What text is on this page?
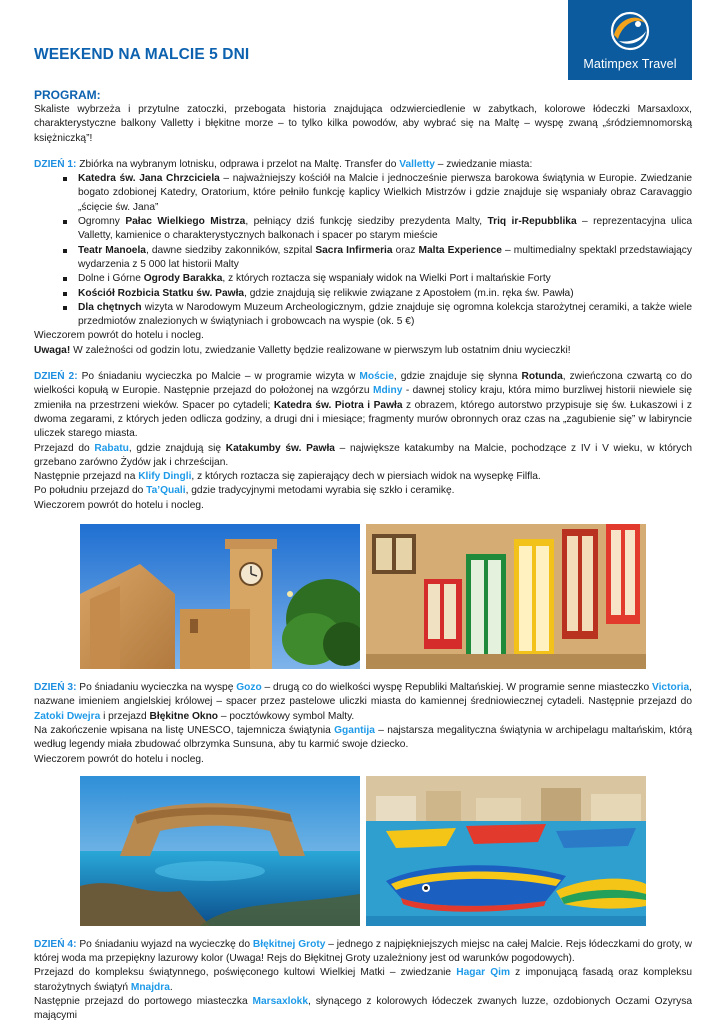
WEEKEND NA MALCIE 5 DNI
Matimpex Travel
PROGRAM:

Skaliste wybrzeża i przytulne zatoczki, przebogata historia znajdująca odzwierciedlenie w zabytkach, kolorowe łódeczki Marsaxloxx, charakterystyczne balkony Valletty i błękitne morze – to tylko kilka powodów, aby wybrać się na Maltę – wyspę zwaną „śródziemnomorską księżniczką”!

DZIEŃ 1: Zbiórka na wybranym lotnisku, odprawa i przelot na Maltę. Transfer do Valletty – zwiedzanie miasta:

Katedra św. Jana Chrzciciela – najważniejszy kościół na Malcie i jednocześnie pierwsza barokowa świątynia w Europie. Zwiedzanie bogato zdobionej Katedry, Oratorium, które pełniło funkcję kaplicy Wielkich Mistrzów i gdzie znajduje się wspaniały obraz Caravaggio „ścięcie św. Jana”
Ogromny Pałac Wielkiego Mistrza, pełniący dziś funkcję siedziby prezydenta Malty, Triq ir-Repubblika – reprezentacyjna ulica Valletty, kamienice o charakterystycznych balkonach i spacer po starym mieście
Teatr Manoela, dawne siedziby zakonników, szpital Sacra Infirmeria oraz Malta Experience – multimedialny spektakl przedstawiający wydarzenia z 5 000 lat historii Malty
Dolne i Górne Ogrody Barakka, z których roztacza się wspaniały widok na Wielki Port i maltańskie Forty
Kościół Rozbicia Statku św. Pawła, gdzie znajdują się relikwie związane z Apostołem (m.in. ręka św. Pawła)
Dla chętnych wizyta w Narodowym Muzeum Archeologicznym, gdzie znajduje się ogromna kolekcja starożytnej ceramiki, a także wiele przedmiotów znalezionych w świątyniach i grobowcach na wyspie (ok. 5 €)

Wieczorem powrót do hotelu i nocleg.

Uwaga! W zależności od godzin lotu, zwiedzanie Valletty będzie realizowane w pierwszym lub ostatnim dniu wycieczki!

DZIEŃ 2: Po śniadaniu wycieczka po Malcie – w programie wizyta w Moście, gdzie znajduje się słynna Rotunda, zwieńczona czwartą co do wielkości kopułą w Europie. Następnie przejazd do położonej na wzgórzu Mdiny - dawnej stolicy kraju, która mimo burzliwej historii niewiele się zmieniła na przestrzeni wieków. Spacer po cytadeli; Katedra św. Piotra i Pawła z obrazem, którego autorstwo przypisuje się św. Łukaszowi i z dwoma zegarami, z których jeden odlicza godziny, a drugi dni i miesiące; fragmenty murów obronnych oraz czas na „zagubienie się” w labiryncie uliczek starego miasta.

Przejazd do Rabatu, gdzie znajdują się Katakumby św. Pawła – największe katakumby na Malcie, pochodzące z IV i V wieku, w których grzebano zarówno Żydów jak i chrześcijan.

Następnie przejazd na Klify Dingli, z których roztacza się zapierający dech w piersiach widok na wysepkę Filfla.

Po południu przejazd do Ta’Quali, gdzie tradycyjnymi metodami wyrabia się szkło i ceramikę.

Wieczorem powrót do hotelu i nocleg.

DZIEŃ 3: Po śniadaniu wycieczka na wyspę Gozo – drugą co do wielkości wyspę Republiki Maltańskiej. W programie senne miasteczko Victoria, nazwane imieniem angielskiej królowej – spacer przez pastelowe uliczki miasta do kamiennej średniowiecznej cytadeli. Następnie przejazd do Zatoki Dwejra i przejazd Błękitne Okno – pocztówkowy symbol Malty.

Na zakończenie wpisana na listę UNESCO, tajemnicza świątynia Ggantija – najstarsza megalityczna świątynia w archipelagu maltańskim, którą według legendy miała zbudować olbrzymka Sunsuna, aby tu karmić swoje dziecko.

Wieczorem powrót do hotelu i nocleg.

DZIEŃ 4: Po śniadaniu wyjazd na wycieczkę do Błękitnej Groty – jednego z najpiękniejszych miejsc na całej Malcie. Rejs łódeczkami do groty, w której woda ma przepiękny lazurowy kolor (Uwaga! Rejs do Błękitnej Groty uzależniony jest od warunków pogodowych).

Przejazd do kompleksu świątynnego, poświęconego kultowi Wielkiej Matki – zwiedzanie Hagar Qim z imponującą fasadą oraz kompleksu starożytnych świątyń Mnajdra.

Następnie przejazd do portowego miasteczka Marsaxlokk, słynącego z kolorowych łódeczek zwanych luzze, ozdobionych Oczami Ozyrysa mającymi
